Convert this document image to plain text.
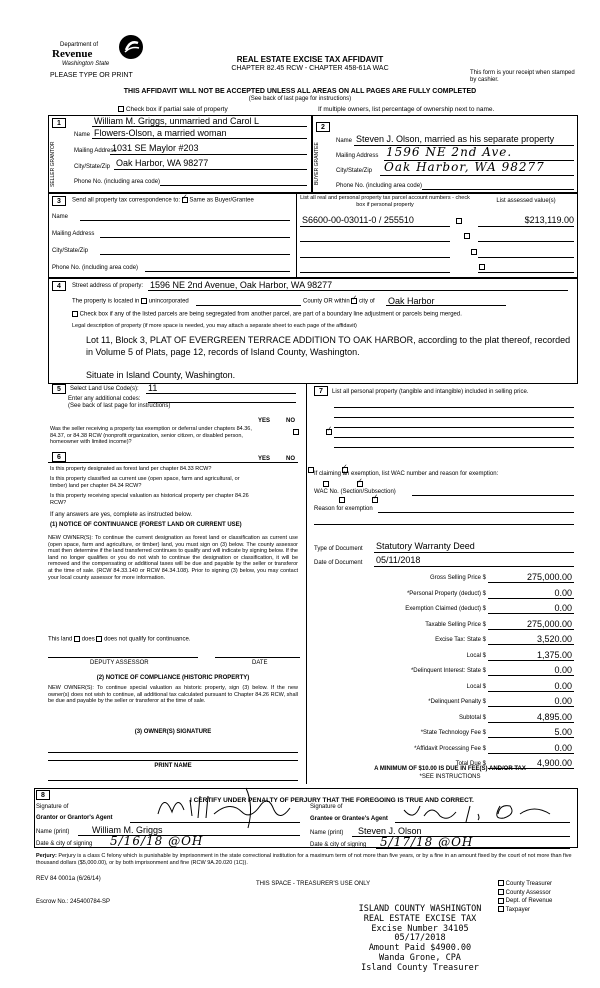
Department of
Revenue
Washington State
PLEASE TYPE OR PRINT
REAL ESTATE EXCISE TAX AFFIDAVIT
CHAPTER 82.45 RCW - CHAPTER 458-61A WAC
This form is your receipt when stamped by cashier.
THIS AFFIDAVIT WILL NOT BE ACCEPTED UNLESS ALL AREAS ON ALL PAGES ARE FULLY COMPLETED
(See back of last page for instructions)
Check box if partial sale of property	If multiple owners, list percentage of ownership next to name.
1
2
SELLER GRANTOR	BUYER GRANTEE
William M. Griggs, unmarried and Carol L
Name Flowers-Olson, a married woman
Mailing Address
1031 SE Maylor #203
City/State/Zip Oak Harbor, WA 98277
Phone No. (including area code)
Name Steven J. Olson, married as his separate property
Mailing Address 1596 NE 2nd Ave.
City/State/Zip Oak Harbor, WA 98277
Phone No. (including area code)
3	Send all property tax correspondence to: ✓ Same as Buyer/Grantee
Name
Mailing Address
City/State/Zip
Phone No. (including area code)
List all real and personal property tax parcel account numbers - check box if personal property
List assessed value(s)
S6600-00-03011-0 / 255510	$213,119.00

4	Street address of property: 1596 NE 2nd Avenue, Oak Harbor, WA 98277
The property is located in unincorporated	County OR within ✓ city of Oak Harbor
Check box if any of the listed parcels are being segregated from another parcel, are part of a boundary line adjustment or parcels being merged.
Legal description of property (if more space is needed, you may attach a separate sheet to each page of the affidavit)
Lot 11, Block 3, PLAT OF EVERGREEN TERRACE ADDITION TO OAK HARBOR, according to the plat thereof, recorded in Volume 5 of Plats, page 12, records of Island County, Washington.
Situate in Island County, Washington.
5	Select Land Use Code(s): 11
Enter any additional codes:
(See back of last page for instructions)
YES	NO
Was the seller receiving a property tax exemption or deferral under chapters 84.36, 84.37, or 84.38 RCW (nonprofit organization, senior citizen, or disabled person, homeowner with limited income)?
✓
6	YES	NO
Is this property designated as forest land per chapter 84.33 RCW?
✓
Is this property classified as current use (open space, farm and agricultural, or timber) land per chapter 84.34 RCW?
✓
Is this property receiving special valuation as historical property per chapter 84.26 RCW?
✓
If any answers are yes, complete as instructed below.
(1) NOTICE OF CONTINUANCE (FOREST LAND OR CURRENT USE)
NEW OWNER(S): To continue the current designation as forest land or classification as current use (open space, farm and agriculture, or timber) land, you must sign on (3) below. The county assessor must then determine if the land transferred continues to qualify and will indicate by signing below. If the land no longer qualifies or you do not wish to continue the designation or classification, it will be removed and the compensating or additional taxes will be due and payable by the seller or transferor at the time of sale. (RCW 84.33.140 or RCW 84.34.108). Prior to signing (3) below, you may contact your local county assessor for more information.
This land does does not qualify for continuance.
DEPUTY ASSESSOR	DATE
(2) NOTICE OF COMPLIANCE (HISTORIC PROPERTY)
NEW OWNER(S): To continue special valuation as historic property, sign (3) below. If the new owner(s) does not wish to continue, all additional tax calculated pursuant to Chapter 84.26 RCW, shall be due and payable by the seller or transferor at the time of sale.
(3) OWNER(S) SIGNATURE
PRINT NAME
7	List all personal property (tangible and intangible) included in selling price.
If claiming an exemption, list WAC number and reason for exemption:
WAC No. (Section/Subsection)
Reason for exemption
Type of Document Statutory Warranty Deed
Date of Document 05/11/2018
Gross Selling Price $	275,000.00
*Personal Property (deduct) $	0.00
Exemption Claimed (deduct) $	0.00
Taxable Selling Price $	275,000.00
Excise Tax: State $	3,520.00
Local $	1,375.00
*Delinquent Interest: State $	0.00
Local $	0.00
*Delinquent Penalty $	0.00
Subtotal $	4,895.00
*State Technology Fee $	5.00
*Affidavit Processing Fee $	0.00
Total Due $	4,900.00
A MINIMUM OF $10.00 IS DUE IN FEE(S) AND/OR TAX
*SEE INSTRUCTIONS
8
I CERTIFY UNDER PENALTY OF PERJURY THAT THE FOREGOING IS TRUE AND CORRECT.
Signature of
Grantor or Grantor's Agent
Name (print)	William M. Griggs
Date & city of signing 5/16/18 @OH
Signature of
Grantee or Grantee's Agent
Name (print) Steven J. Olson
Date & city of signing 5/17/18 @OH
Perjury: Perjury is a class C felony which is punishable by imprisonment in the state correctional institution for a maximum term of not more than five years, or by a fine in an amount fixed by the court of not more than five thousand dollars ($5,000.00), or by both imprisonment and fine (RCW 9A.20.020 (1C)).
REV 84 0001a (6/26/14)
THIS SPACE - TREASURER'S USE ONLY
Escrow No.: 245400784-SP
County Treasurer
County Assessor
Dept. of Revenue
Taxpayer
ISLAND COUNTY WASHINGTON
REAL ESTATE EXCISE TAX
Excise Number 34105
05/17/2018
Amount Paid $4900.00
Wanda Grone, CPA
Island County Treasurer
